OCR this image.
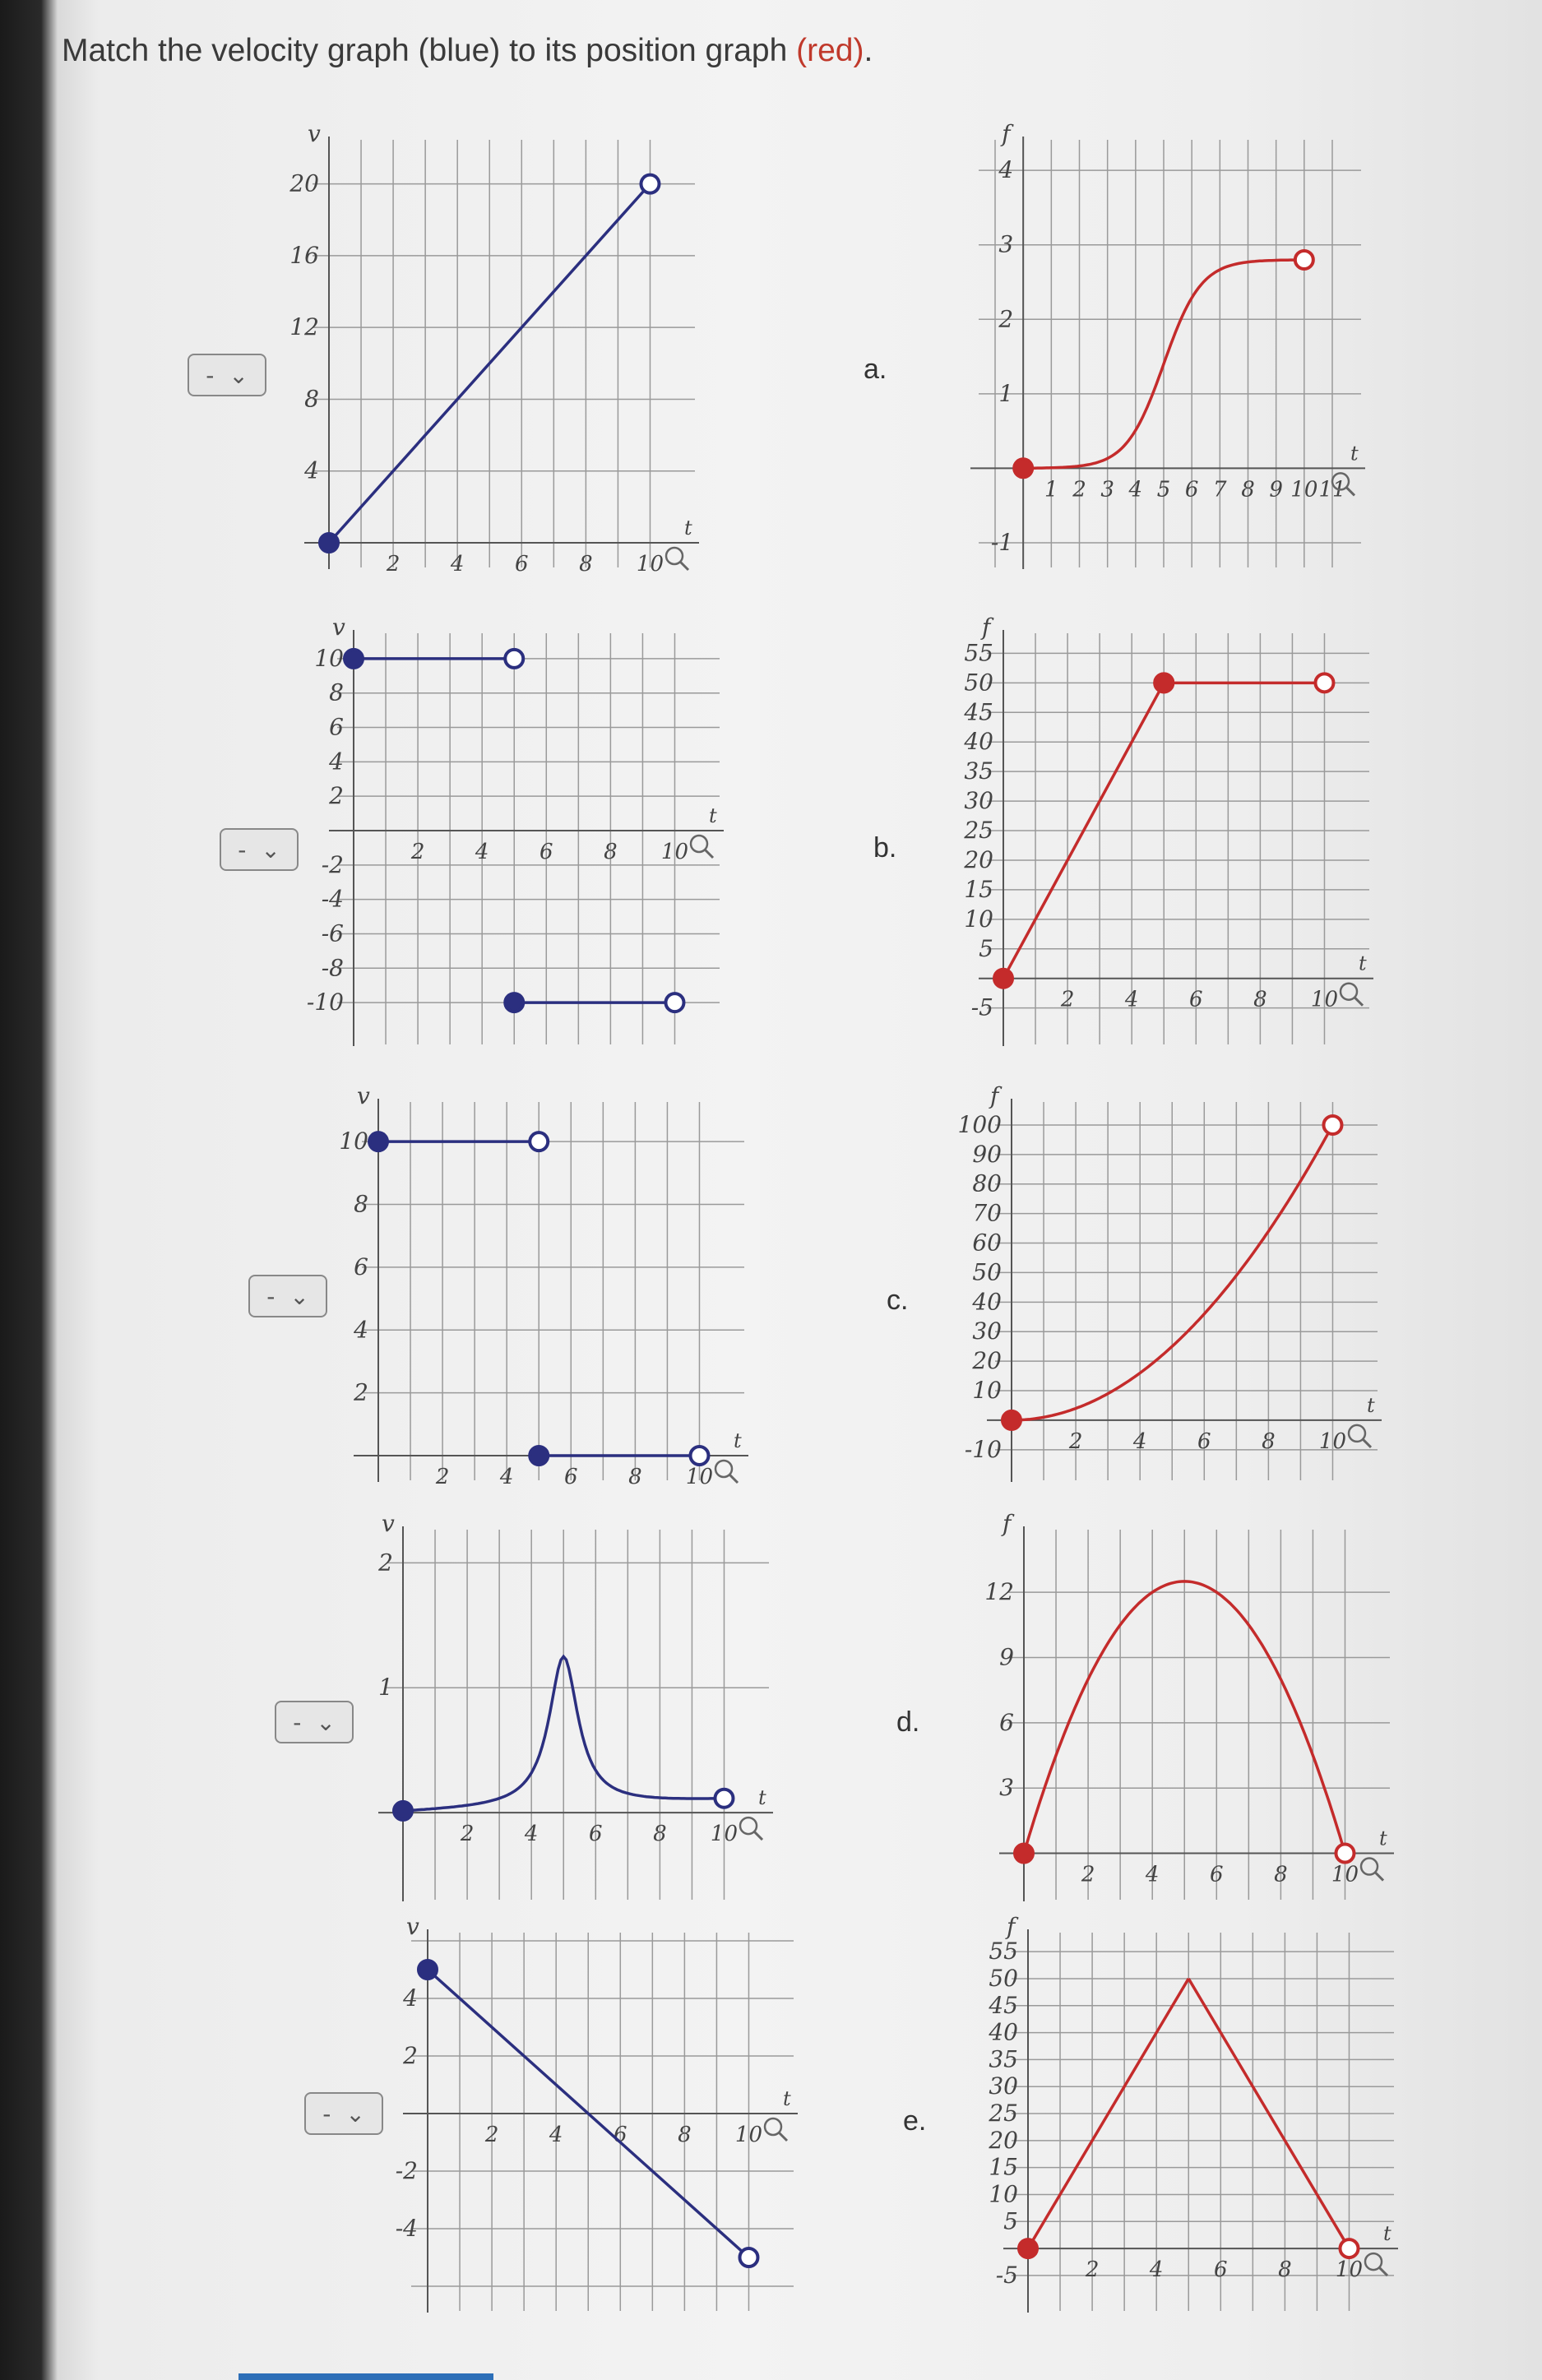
Match the velocity graph (blue) to its position graph (red).
- ⌄
- ⌄
- ⌄
- ⌄
- ⌄
20
16
12
8
4
2 4 6 8 10
v
t
10
8
6
4
2
-2
-4
-6
-8
-10
2 4 6 8 10
v
t
10
8
6
4
2
2 4 6 8 10
v
t
2
1
2 4 6 8 10
v
t
4
2
-2
-4
2 4 6 8 10
v
t
a.
b.
c.
d.
e.
4
3
2
1
-1
1 2 3 4 5 6 7 8 9 10 11
f
t
55
50
45
40
35
30
25
20
15
10
5
-5	2 4 6 8 10
f
t
100
90
80
70
60
50
40
30
20
10
-10	2 4 6 8 10
f
t
12
9
6
3
2 4 6 8 10
f
t
55
50
45
40
35
30
25
20
15
10
5
-5	2 4 6 8 10
f
t
